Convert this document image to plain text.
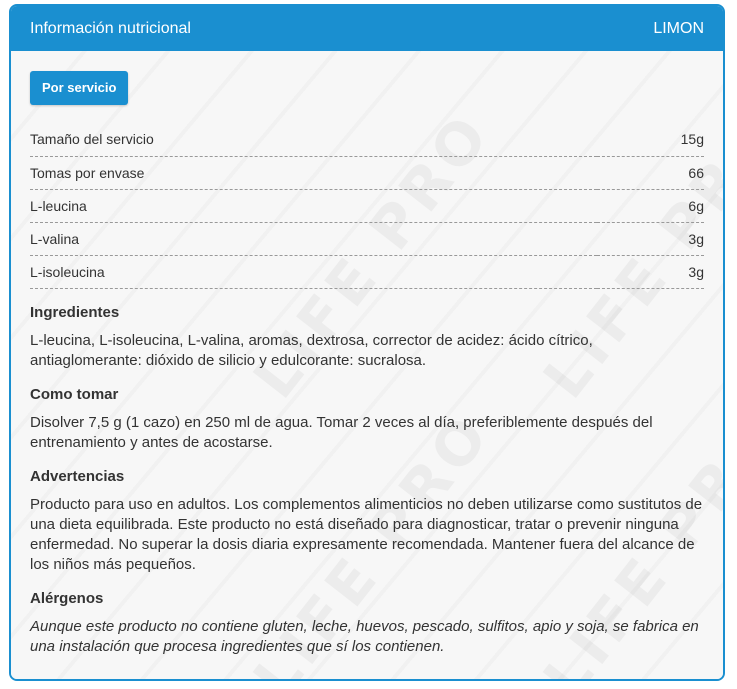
Información nutricional	LIMON
Por servicio
Tamaño del servicio	15g
Tomas por envase	66
L-leucina	6g
L-valina	3g
L-isoleucina	3g
Ingredientes

L-leucina, L-isoleucina, L-valina, aromas, dextrosa, corrector de acidez: ácido cítrico, antiaglomerante: dióxido de silicio y edulcorante: sucralosa.

Como tomar

Disolver 7,5 g (1 cazo) en 250 ml de agua. Tomar 2 veces al día, preferiblemente después del entrenamiento y antes de acostarse.

Advertencias

Producto para uso en adultos. Los complementos alimenticios no deben utilizarse como sustitutos de una dieta equilibrada. Este producto no está diseñado para diagnosticar, tratar o prevenir ninguna enfermedad. No superar la dosis diaria expresamente recomendada. Mantener fuera del alcance de los niños más pequeños.

Alérgenos

Aunque este producto no contiene gluten, leche, huevos, pescado, sulfitos, apio y soja, se fabrica en una instalación que procesa ingredientes que sí los contienen.
